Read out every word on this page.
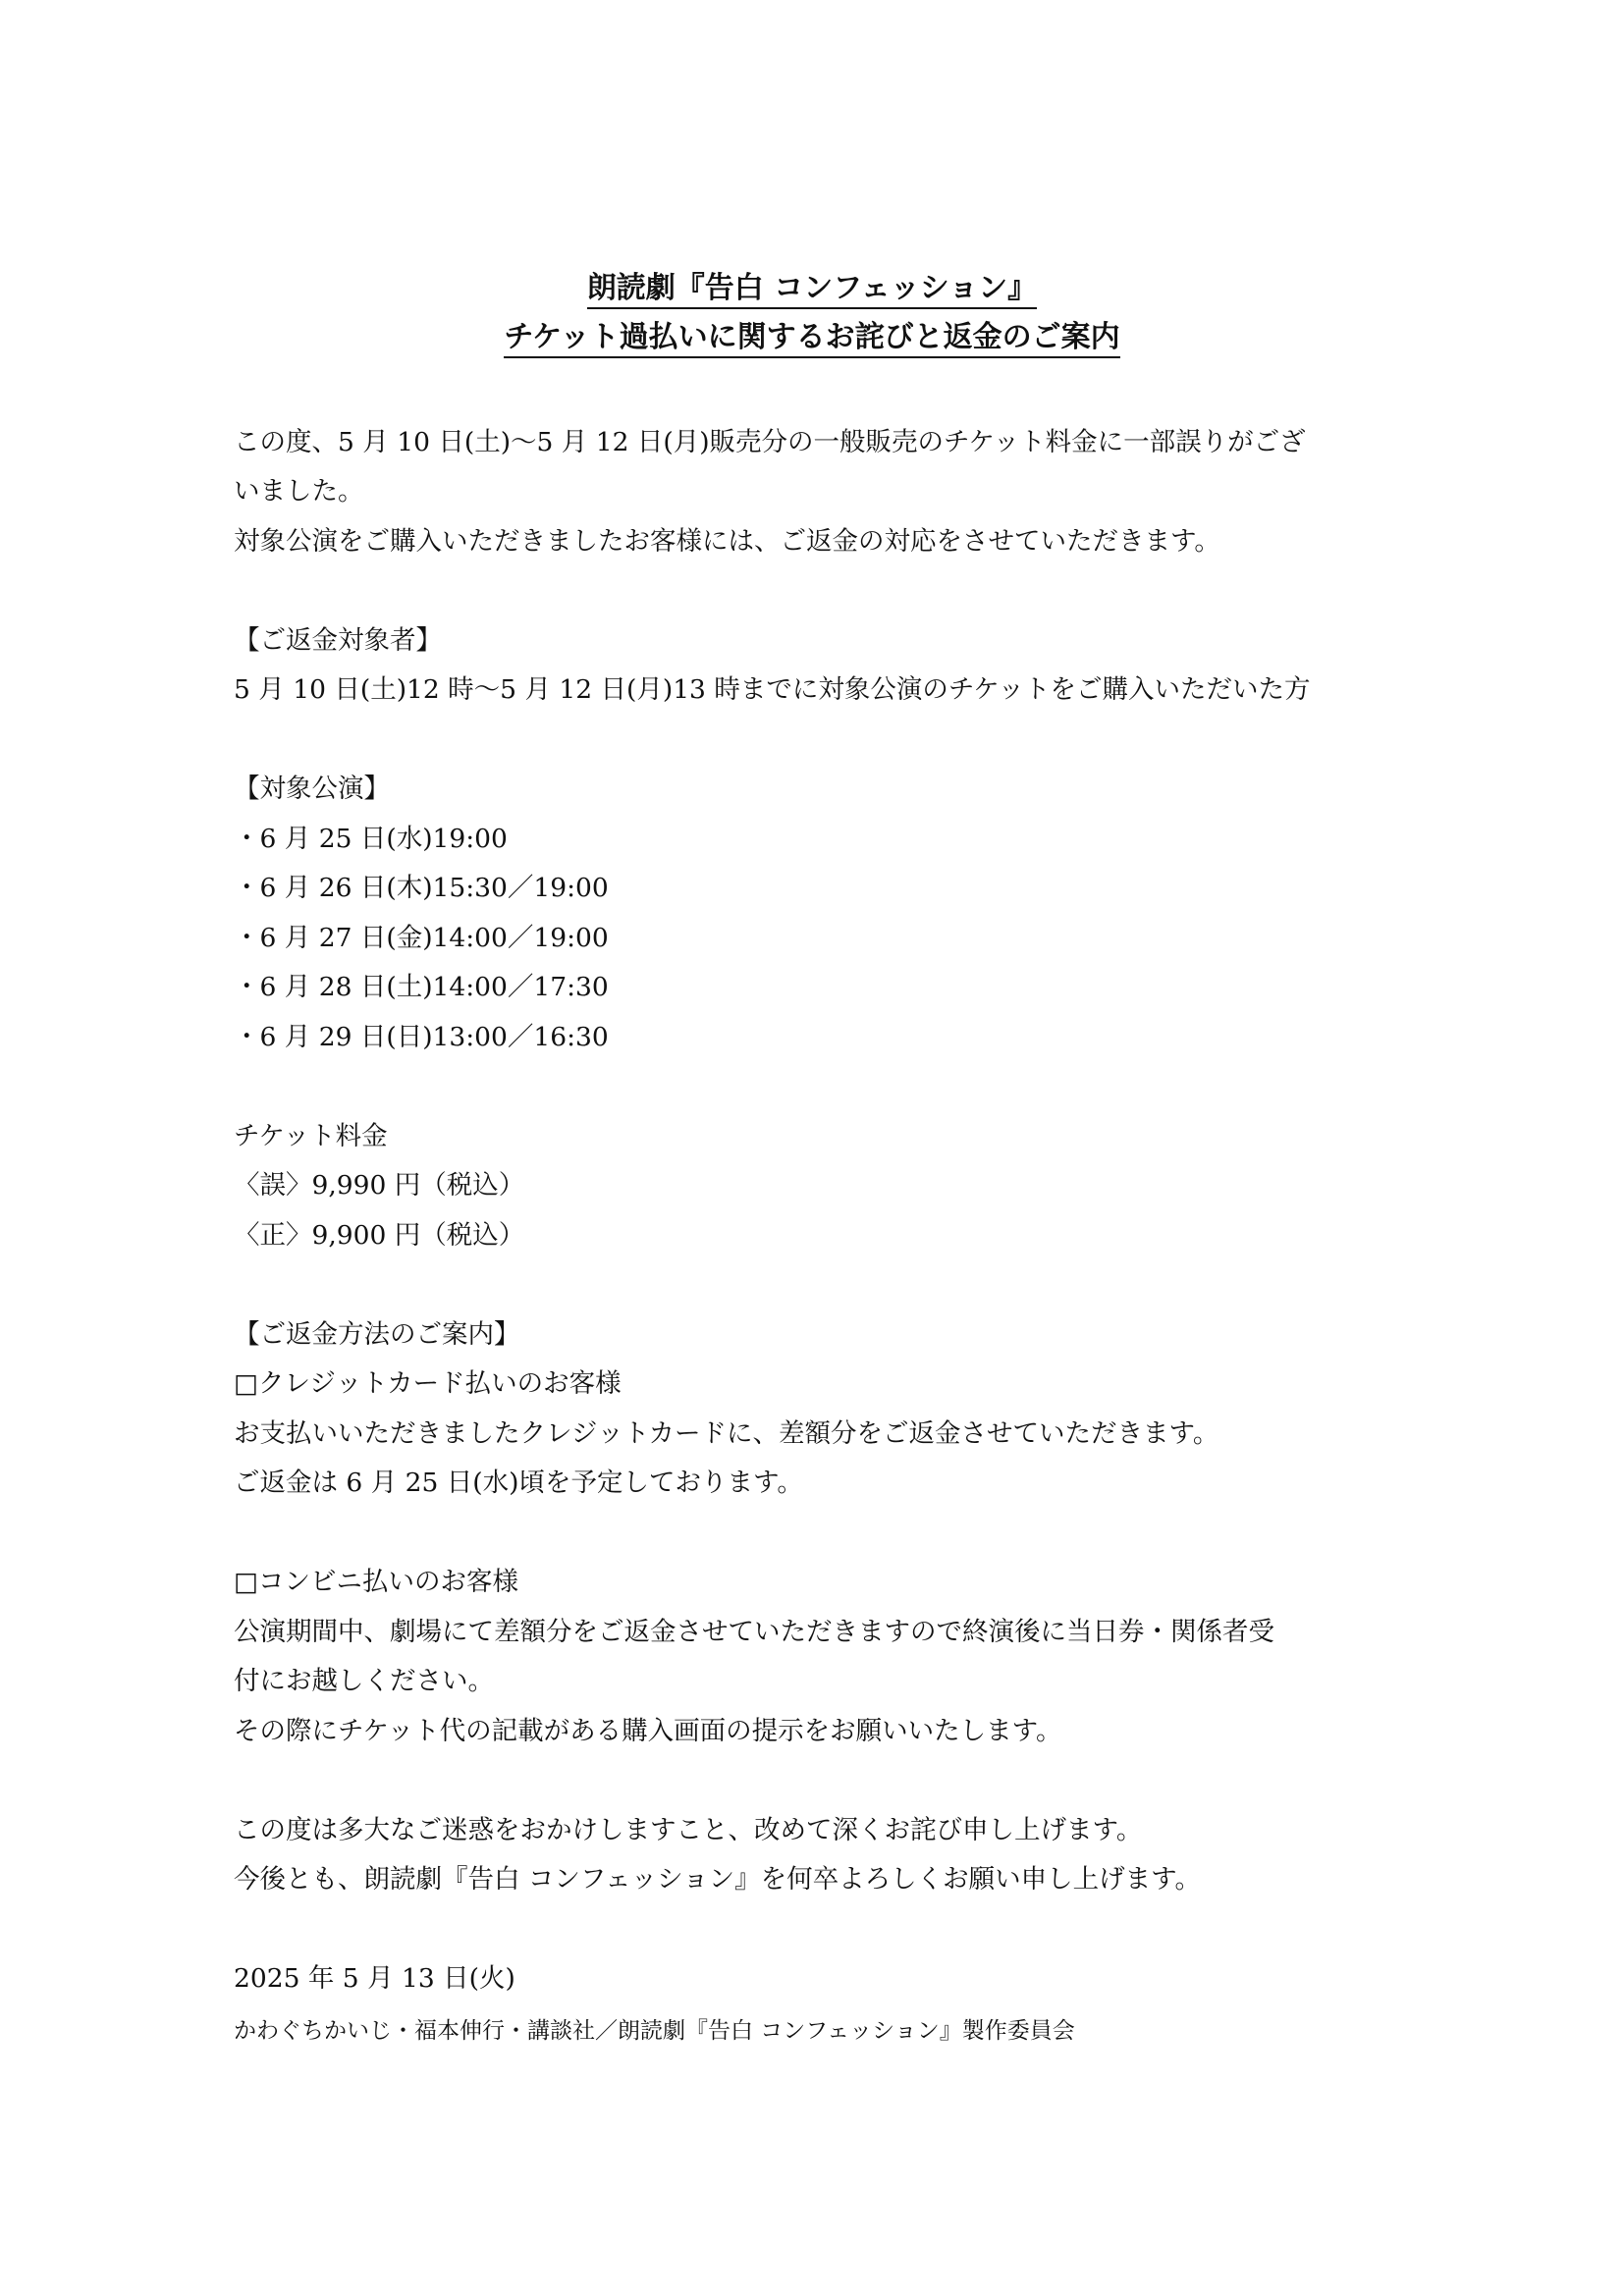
朗読劇『告白 コンフェッション』
チケット過払いに関するお詫びと返金のご案内
この度、5 月 10 日(土)〜5 月 12 日(月)販売分の一般販売のチケット料金に一部誤りがござ
いました。
対象公演をご購入いただきましたお客様には、ご返金の対応をさせていただきます。
【ご返金対象者】
5 月 10 日(土)12 時〜5 月 12 日(月)13 時までに対象公演のチケットをご購入いただいた方
【対象公演】
・6 月 25 日(水)19:00
・6 月 26 日(木)15:30／19:00
・6 月 27 日(金)14:00／19:00
・6 月 28 日(土)14:00／17:30
・6 月 29 日(日)13:00／16:30
チケット料金
〈誤〉9,990 円（税込）
〈正〉9,900 円（税込）
【ご返金方法のご案内】
□クレジットカード払いのお客様
お支払いいただきましたクレジットカードに、差額分をご返金させていただきます。
ご返金は 6 月 25 日(水)頃を予定しております。
□コンビニ払いのお客様
公演期間中、劇場にて差額分をご返金させていただきますので終演後に当日券・関係者受
付にお越しください。
その際にチケット代の記載がある購入画面の提示をお願いいたします。
この度は多大なご迷惑をおかけしますこと、改めて深くお詫び申し上げます。
今後とも、朗読劇『告白 コンフェッション』を何卒よろしくお願い申し上げます。
2025 年 5 月 13 日(火)
かわぐちかいじ・福本伸行・講談社／朗読劇『告白 コンフェッション』製作委員会
